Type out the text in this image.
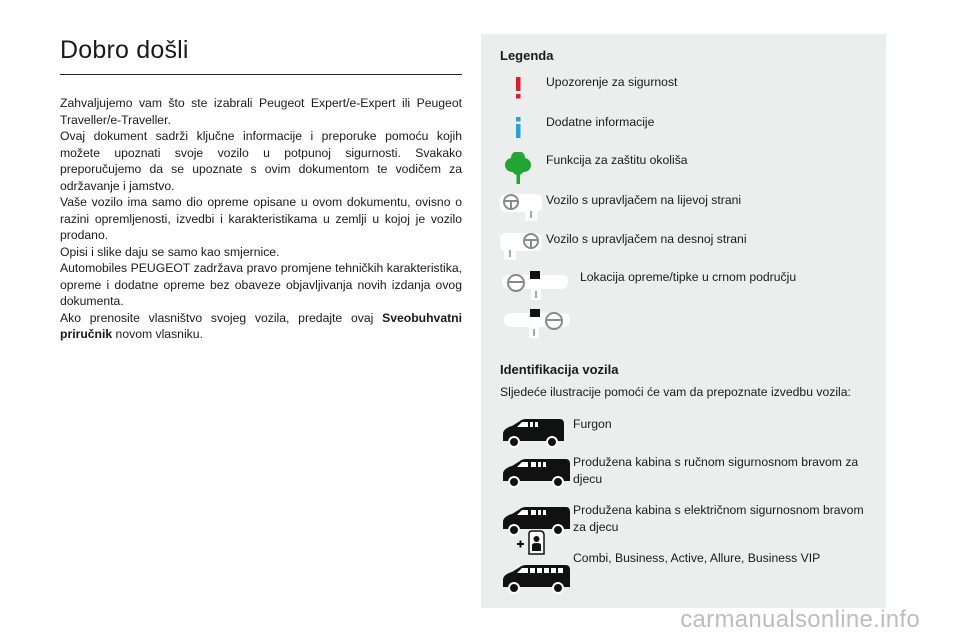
Dobro došli

Zahvaljujemo vam što ste izabrali Peugeot Expert/e-Expert ili Peugeot Traveller/e-Traveller.

Ovaj dokument sadrži ključne informacije i preporuke pomoću kojih možete upoznati svoje vozilo u potpunoj sigurnosti. Svakako preporučujemo da se upoznate s ovim dokumentom te vodičem za održavanje i jamstvo.

Vaše vozilo ima samo dio opreme opisane u ovom dokumentu, ovisno o razini opremljenosti, izvedbi i karakteristikama u zemlji u kojoj je vozilo prodano.

Opisi i slike daju se samo kao smjernice.

Automobiles PEUGEOT zadržava pravo promjene tehničkih karakteristika, opreme i dodatne opreme bez obaveze objavljivanja novih izdanja ovog dokumenta.

Ako prenosite vlasništvo svojeg vozila, predajte ovaj Sveobuhvatni priručnik novom vlasniku.

Legenda
Upozorenje za sigurnost
Dodatne informacije
Funkcija za zaštitu okoliša
Vozilo s upravljačem na lijevoj strani
Vozilo s upravljačem na desnoj strani
Lokacija opreme/tipke u crnom području
Identifikacija vozila
Sljedeće ilustracije pomoći će vam da prepoznate izvedbu vozila:
Furgon
Produžena kabina s ručnom sigurnosnom bravom za djecu
Produžena kabina s električnom sigurnosnom bravom za djecu
Combi, Business, Active, Allure, Business VIP
carmanualsonline.info
